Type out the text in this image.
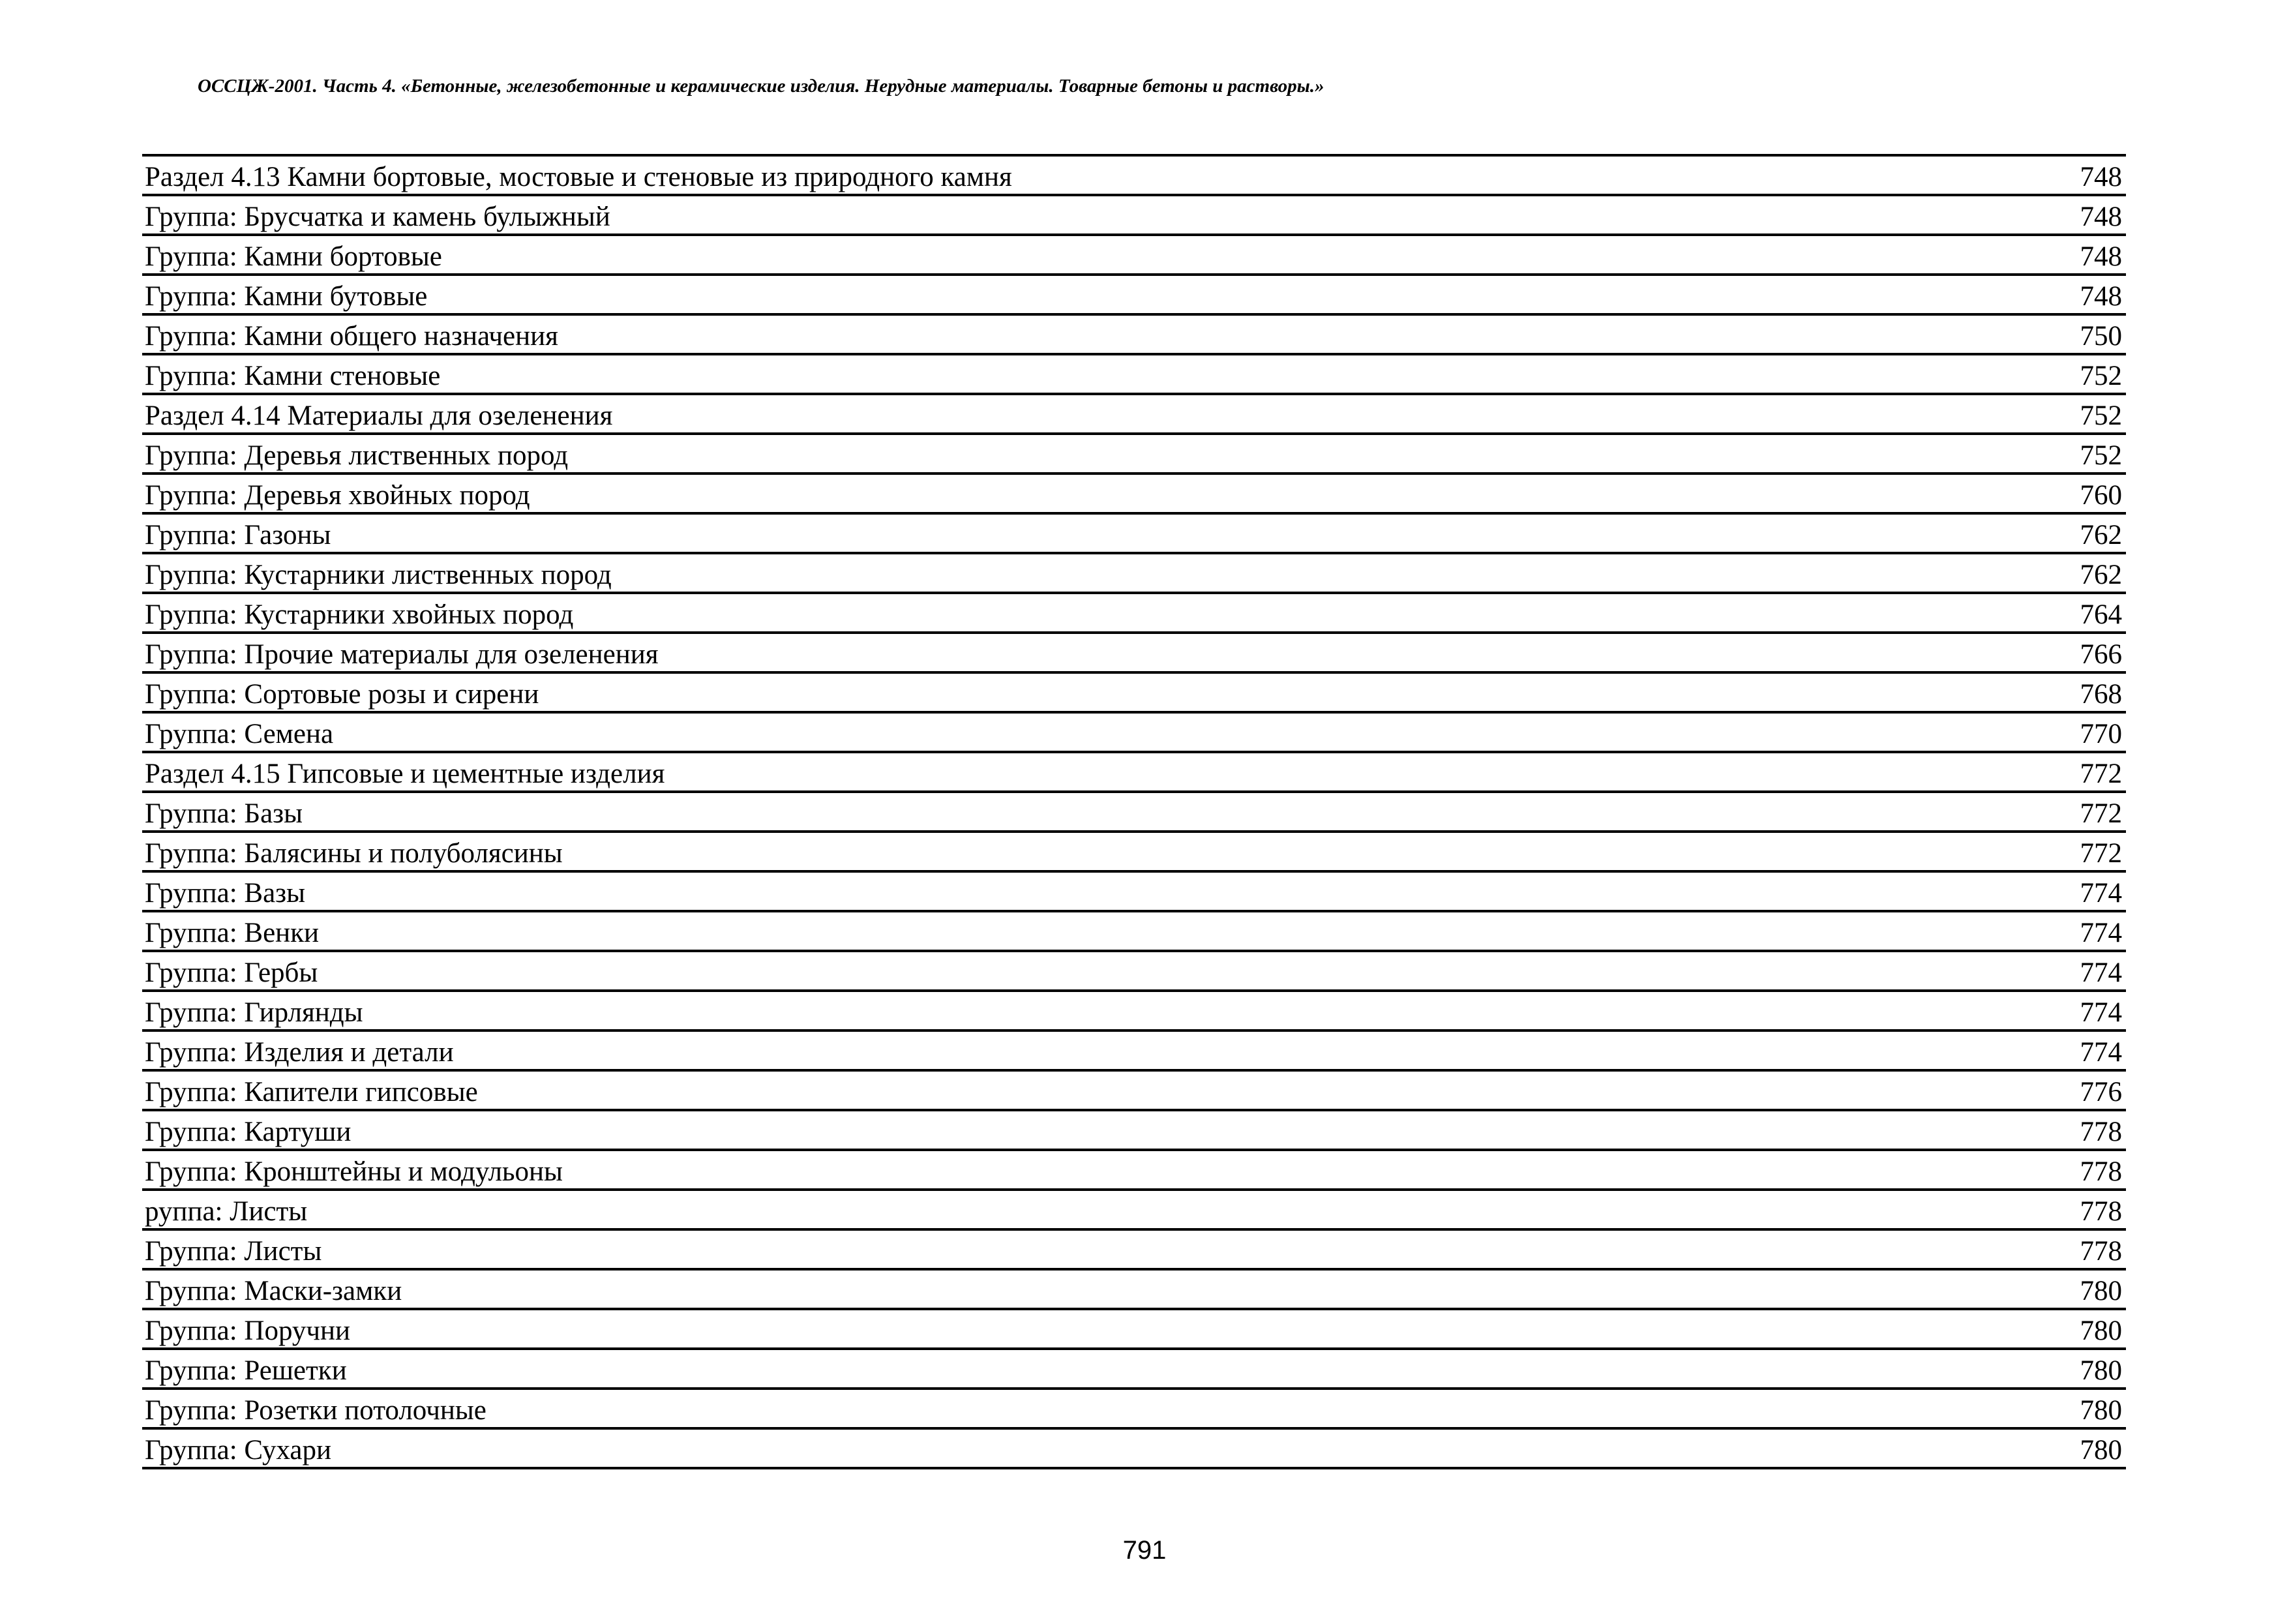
ОССЦЖ-2001. Часть 4. «Бетонные, железобетонные и керамические изделия. Нерудные материалы. Товарные бетоны и растворы.»
Раздел 4.13 Камни бортовые, мостовые и стеновые из природного камня	748
Группа: Брусчатка и камень булыжный	748
Группа: Камни бортовые	748
Группа: Камни бутовые	748
Группа: Камни общего назначения	750
Группа: Камни стеновые	752
Раздел 4.14 Материалы для озеленения	752
Группа: Деревья лиственных пород	752
Группа: Деревья хвойных пород	760
Группа: Газоны	762
Группа: Кустарники лиственных пород	762
Группа: Кустарники хвойных пород	764
Группа: Прочие материалы для озеленения	766
Группа: Сортовые розы и сирени	768
Группа: Семена	770
Раздел 4.15 Гипсовые и цементные изделия	772
Группа: Базы	772
Группа: Балясины и полуболясины	772
Группа: Вазы	774
Группа: Венки	774
Группа: Гербы	774
Группа: Гирлянды	774
Группа: Изделия и детали	774
Группа: Капители гипсовые	776
Группа: Картуши	778
Группа: Кронштейны и модульоны	778
руппа: Листы	778
Группа: Листы	778
Группа: Маски-замки	780
Группа: Поручни	780
Группа: Решетки	780
Группа: Розетки потолочные	780
Группа: Сухари	780
791
